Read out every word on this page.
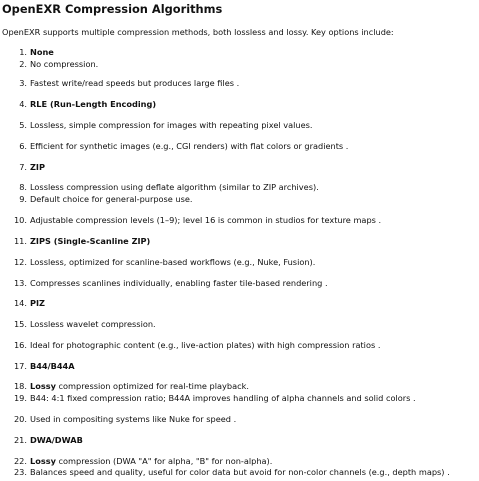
OpenEXR Compression Algorithms

OpenEXR supports multiple compression methods, both lossless and lossy. Key options include:

1. None
2. No compression.
3. Fastest write/read speeds but produces large files .
4. RLE (Run-Length Encoding)
5. Lossless, simple compression for images with repeating pixel values.
6. Efficient for synthetic images (e.g., CGI renders) with flat colors or gradients .
7. ZIP
8. Lossless compression using deflate algorithm (similar to ZIP archives).
9. Default choice for general-purpose use.
10. Adjustable compression levels (1–9); level 16 is common in studios for texture maps .
11. ZIPS (Single-Scanline ZIP)
12. Lossless, optimized for scanline-based workflows (e.g., Nuke, Fusion).
13. Compresses scanlines individually, enabling faster tile-based rendering .
14. PIZ
15. Lossless wavelet compression.
16. Ideal for photographic content (e.g., live-action plates) with high compression ratios .
17. B44/B44A
18. Lossy compression optimized for real-time playback.
19. B44: 4:1 fixed compression ratio; B44A improves handling of alpha channels and solid colors .
20. Used in compositing systems like Nuke for speed .
21. DWA/DWAB
22. Lossy compression (DWA "A" for alpha, "B" for non-alpha).
23. Balances speed and quality, useful for color data but avoid for non-color channels (e.g., depth maps) .
